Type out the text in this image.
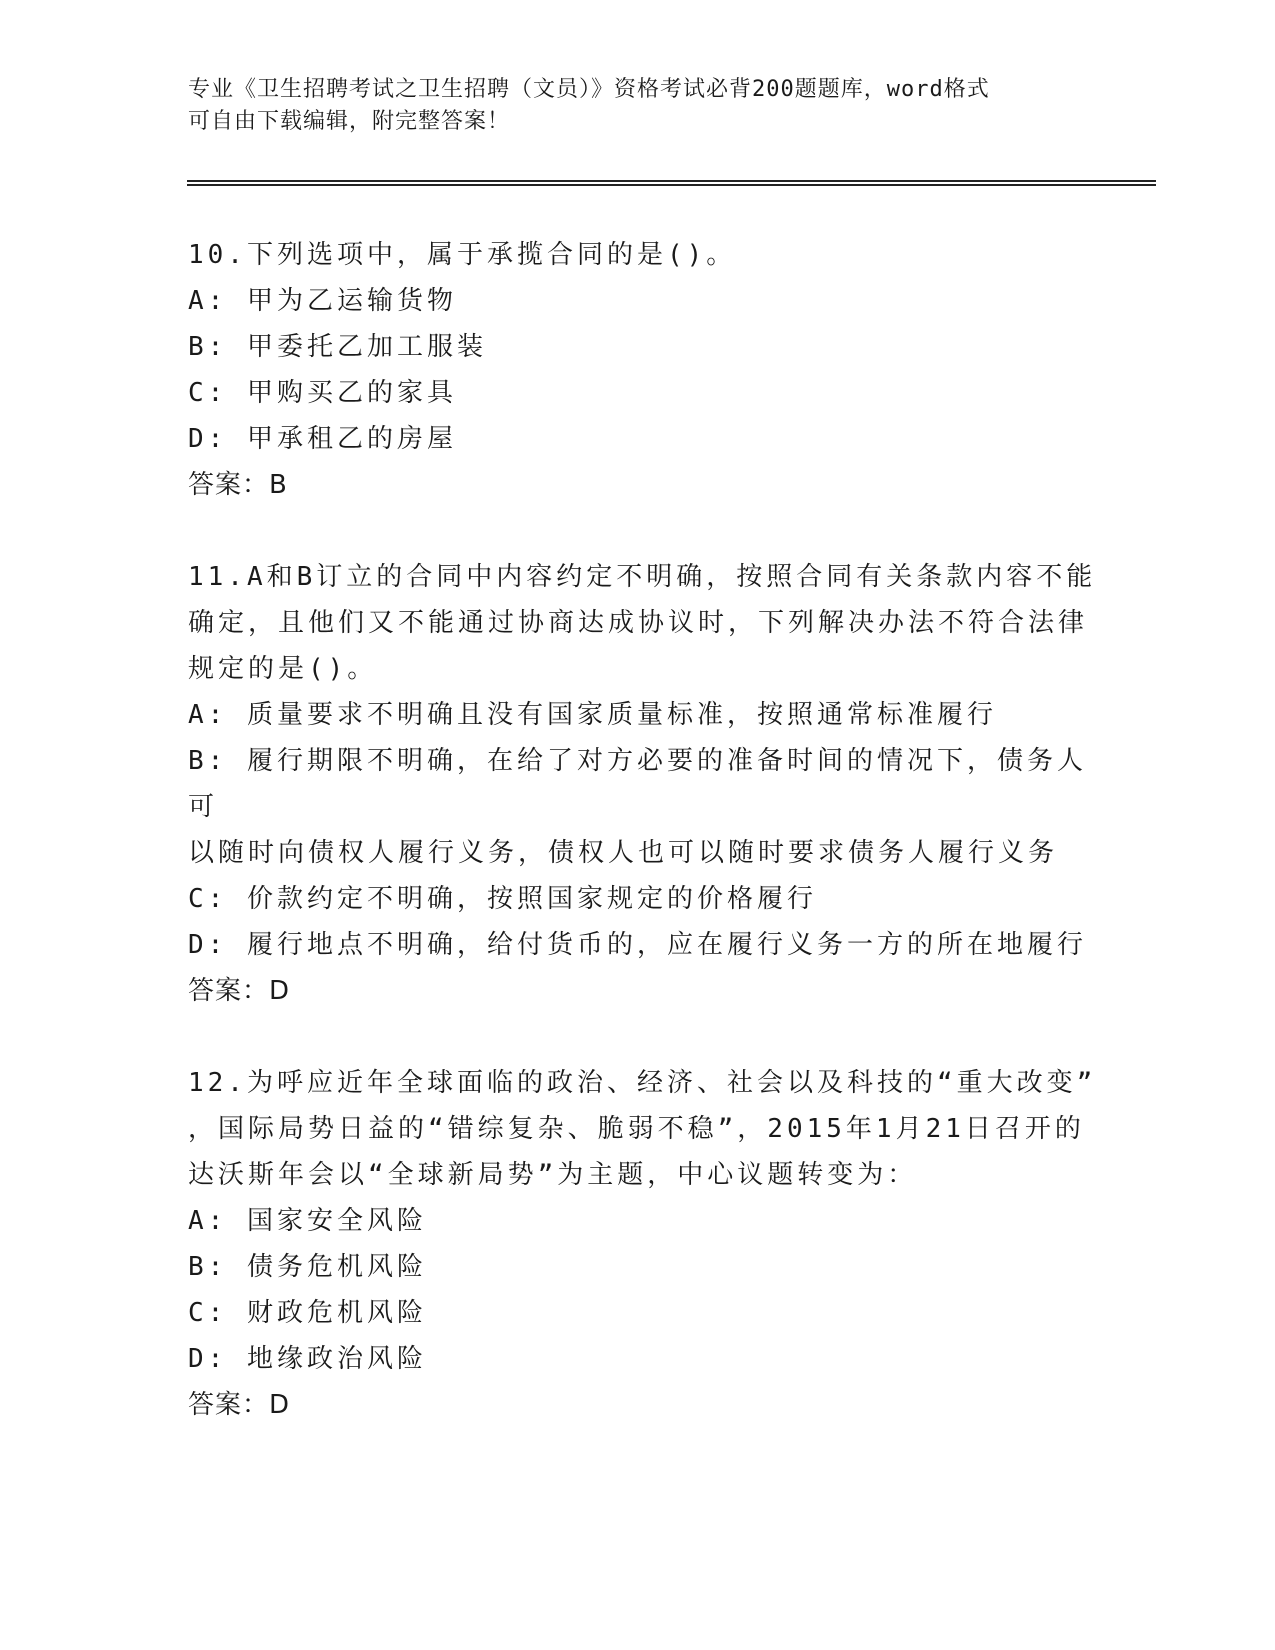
专业《卫生招聘考试之卫生招聘（文员）》资格考试必背200题题库，word格式
可自由下载编辑，附完整答案！
10.下列选项中，属于承揽合同的是()。
A: 甲为乙运输货物
B: 甲委托乙加工服装
C: 甲购买乙的家具
D: 甲承租乙的房屋
答案：B
11.A和B订立的合同中内容约定不明确，按照合同有关条款内容不能
确定，且他们又不能通过协商达成协议时，下列解决办法不符合法律
规定的是()。
A: 质量要求不明确且没有国家质量标准，按照通常标准履行
B: 履行期限不明确，在给了对方必要的准备时间的情况下，债务人可
以随时向债权人履行义务，债权人也可以随时要求债务人履行义务
C: 价款约定不明确，按照国家规定的价格履行
D: 履行地点不明确，给付货币的，应在履行义务一方的所在地履行
答案：D
12.为呼应近年全球面临的政治、经济、社会以及科技的“重大改变”
，国际局势日益的“错综复杂、脆弱不稳”，2015年1月21日召开的
达沃斯年会以“全球新局势”为主题，中心议题转变为：
A: 国家安全风险
B: 债务危机风险
C: 财政危机风险
D: 地缘政治风险
答案：D
